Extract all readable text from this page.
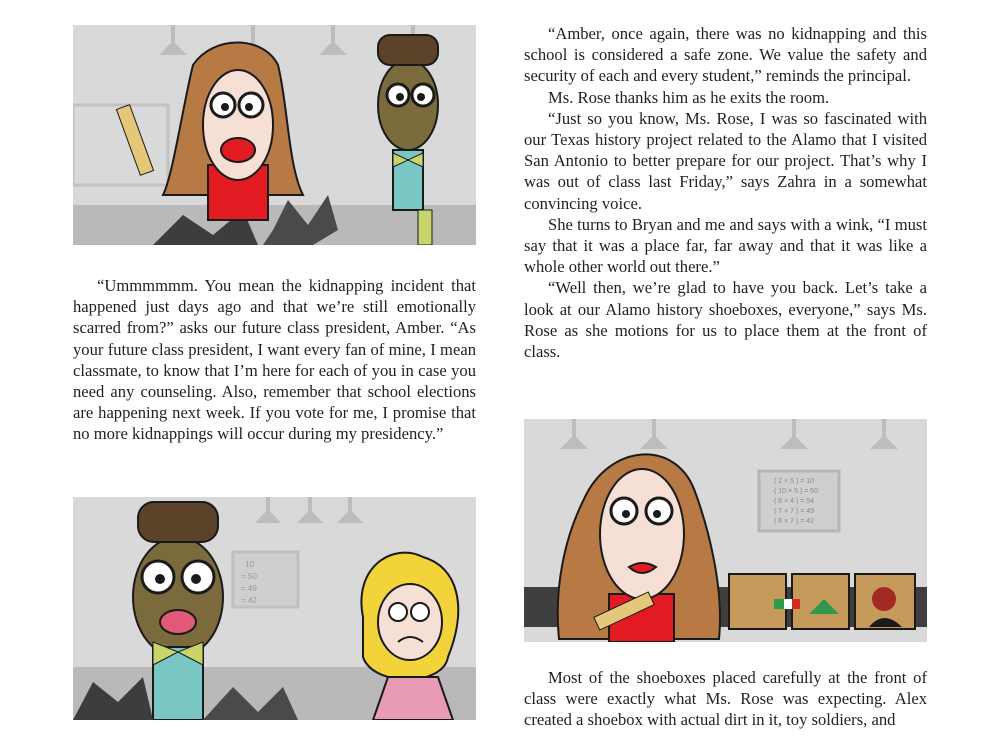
“Ummmmmm. You mean the kidnapping incident that happened just days ago and that we’re still emotionally scarred from?” asks our future class president, Amber. “As your future class president, I want every fan of mine, I mean classmate, to know that I’m here for each of you in case you need any counseling. Also, remember that school elections are happening next week. If you vote for me, I promise that no more kidnappings will occur during my presidency.”

10
= 50
= 49
= 42

“Amber, once again, there was no kidnapping and this school is considered a safe zone. We value the safety and security of each and every student,” reminds the principal.

Ms. Rose thanks him as he exits the room.

“Just so you know, Ms. Rose, I was so fascinated with our Texas history project related to the Alamo that I visited San Antonio to better prepare for our project. That’s why I was out of class last Friday,” says Zahra in a somewhat convincing voice.

She turns to Bryan and me and says with a wink, “I must say that it was a place far, far away and that it was like a whole other world out there.”

“Well then, we’re glad to have you back. Let’s take a look at our Alamo history shoeboxes, everyone,” says Ms. Rose as she motions for us to place them at the front of class.

( 2 × 5 ) = 10
( 10 × 5 ) = 50
( 6 × 4 ) = 54
( 7 × 7 ) = 49
( 6 × 7 ) = 42

Most of the shoeboxes placed carefully at the front of class were exactly what Ms. Rose was expecting. Alex created a shoebox with actual dirt in it, toy soldiers, and
